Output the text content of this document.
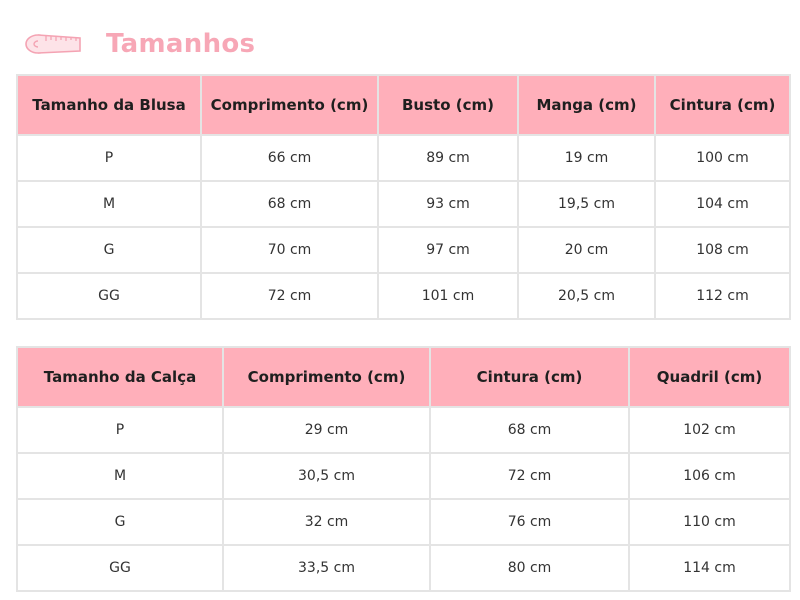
Tamanhos
Tamanho da Blusa	Comprimento (cm)	Busto (cm)	Manga (cm)	Cintura (cm)
P	66 cm	89 cm	19 cm	100 cm
M	68 cm	93 cm	19,5 cm	104 cm
G	70 cm	97 cm	20 cm	108 cm
GG	72 cm	101 cm	20,5 cm	112 cm
Tamanho da Calça	Comprimento (cm)	Cintura (cm)	Quadril (cm)
P	29 cm	68 cm	102 cm
M	30,5 cm	72 cm	106 cm
G	32 cm	76 cm	110 cm
GG	33,5 cm	80 cm	114 cm
